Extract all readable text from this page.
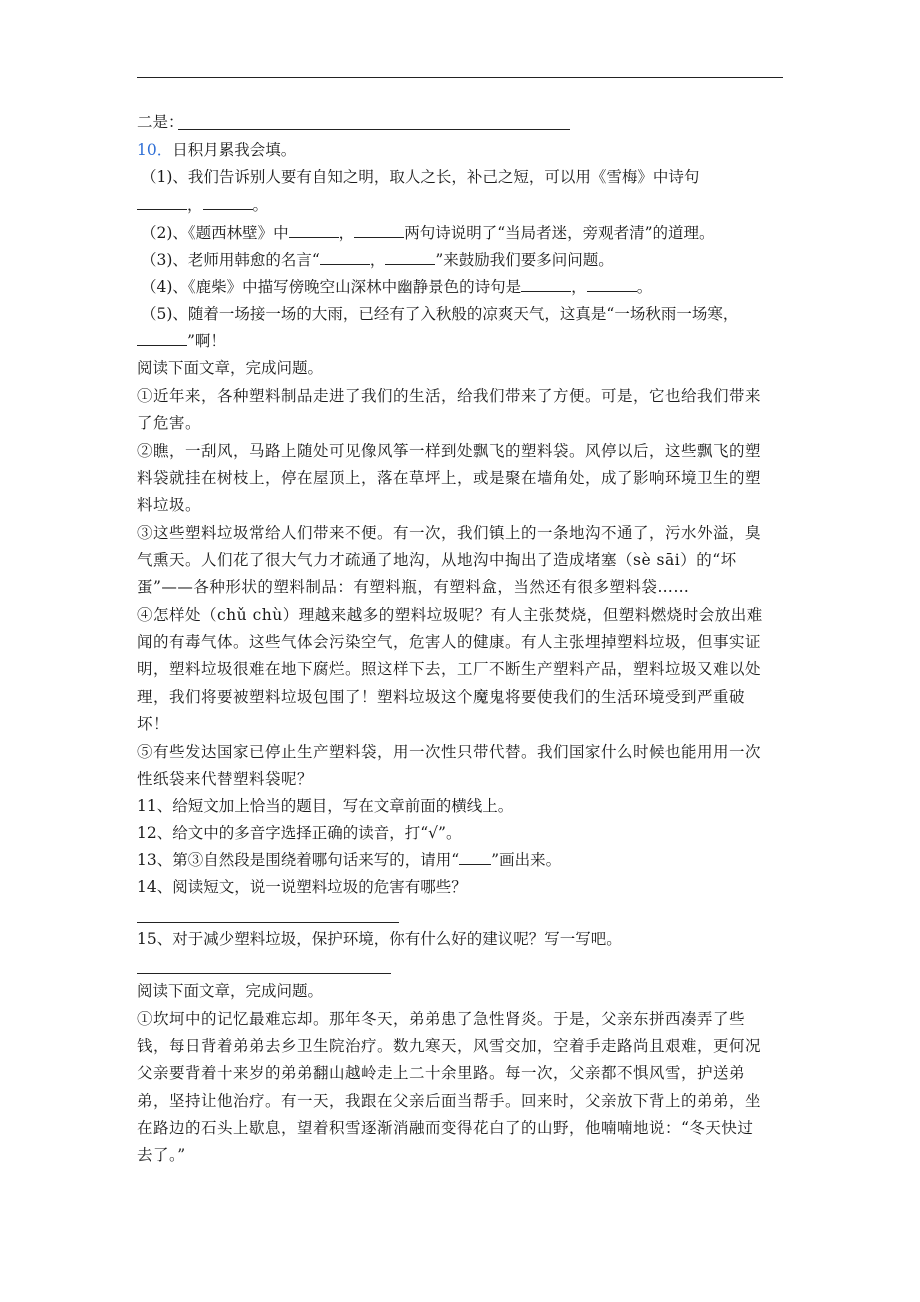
二是：
10．日积月累我会填。
（1)、我们告诉别人要有自知之明，取人之长，补己之短，可以用《雪梅》中诗句
，	。
（2)、《题西林壁》中	，	两句诗说明了“当局者迷，旁观者清”的道理。
（3)、老师用韩愈的名言“	，	”来鼓励我们要多问问题。
（4)、《鹿柴》中描写傍晚空山深林中幽静景色的诗句是	，	。
（5)、随着一场接一场的大雨，已经有了入秋般的凉爽天气，这真是“一场秋雨一场寒，
”啊！
阅读下面文章，完成问题。
①近年来，各种塑料制品走进了我们的生活，给我们带来了方便。可是，它也给我们带来
了危害。
②瞧，一刮风，马路上随处可见像风筝一样到处飘飞的塑料袋。风停以后，这些飘飞的塑
料袋就挂在树枝上，停在屋顶上，落在草坪上，或是聚在墙角处，成了影响环境卫生的塑
料垃圾。
③这些塑料垃圾常给人们带来不便。有一次，我们镇上的一条地沟不通了，污水外溢，臭
气熏天。人们花了很大气力才疏通了地沟，从地沟中掏出了造成堵塞（sè sāi）的“坏
蛋”——各种形状的塑料制品：有塑料瓶，有塑料盒，当然还有很多塑料袋……
④怎样处（chǔ chù）理越来越多的塑料垃圾呢？有人主张焚烧，但塑料燃烧时会放出难
闻的有毒气体。这些气体会污染空气，危害人的健康。有人主张埋掉塑料垃圾，但事实证
明，塑料垃圾很难在地下腐烂。照这样下去，工厂不断生产塑料产品，塑料垃圾又难以处
理，我们将要被塑料垃圾包围了！塑料垃圾这个魔鬼将要使我们的生活环境受到严重破
坏！
⑤有些发达国家已停止生产塑料袋，用一次性只带代替。我们国家什么时候也能用用一次
性纸袋来代替塑料袋呢？
11、给短文加上恰当的题目，写在文章前面的横线上。
12、给文中的多音字选择正确的读音，打“√”。
13、第③自然段是围绕着哪句话来写的，请用“ ”画出来。
14、阅读短文，说一说塑料垃圾的危害有哪些？
15、对于减少塑料垃圾，保护环境，你有什么好的建议呢？写一写吧。
阅读下面文章，完成问题。
①坎坷中的记忆最难忘却。那年冬天，弟弟患了急性肾炎。于是，父亲东拼西凑弄了些
钱，每日背着弟弟去乡卫生院治疗。数九寒天，风雪交加，空着手走路尚且艰难，更何况
父亲要背着十来岁的弟弟翻山越岭走上二十余里路。每一次，父亲都不惧风雪，护送弟
弟，坚持让他治疗。有一天，我跟在父亲后面当帮手。回来时，父亲放下背上的弟弟，坐
在路边的石头上歇息，望着积雪逐渐消融而变得花白了的山野，他喃喃地说：“冬天快过
去了。”
